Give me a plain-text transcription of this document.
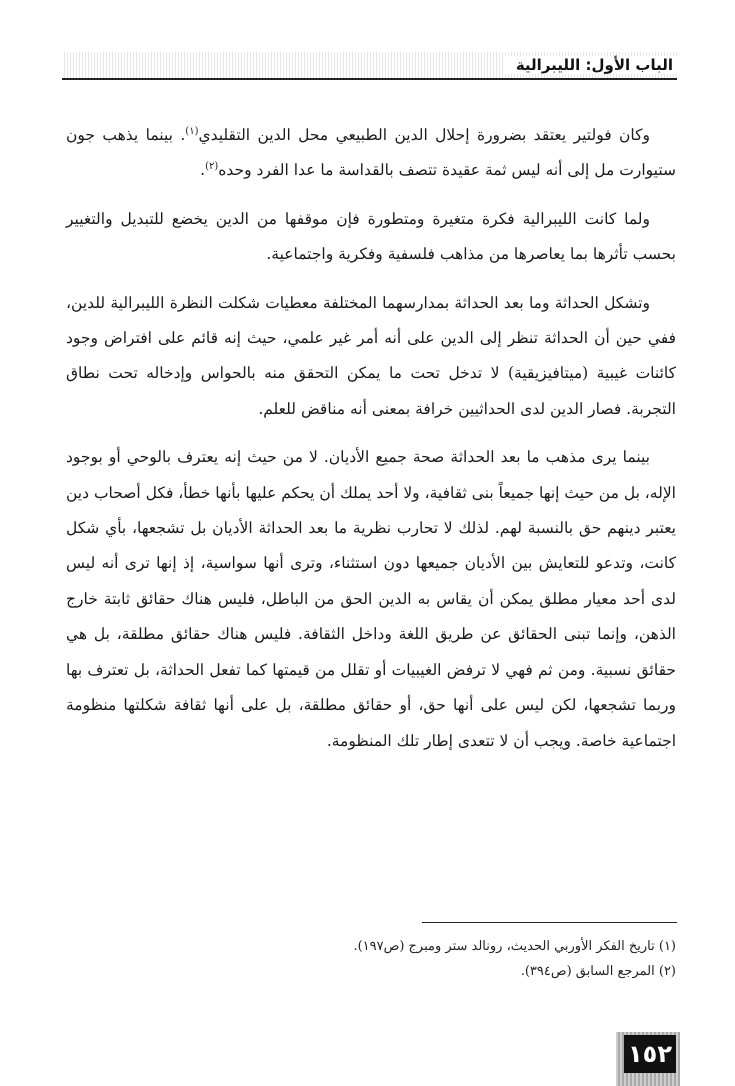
الباب الأول: الليبرالية

وكان فولتير يعتقد بضرورة إحلال الدين الطبيعي محل الدين التقليدي$^{(١)}$. بينما يذهب جون ستيوارت مل إلى أنه ليس ثمة عقيدة تتصف بالقداسة ما عدا الفرد وحده$^{(٢)}$.

ولما كانت الليبرالية فكرة متغيرة ومتطورة فإن موقفها من الدين يخضع للتبديل والتغيير بحسب تأثرها بما يعاصرها من مذاهب فلسفية وفكرية واجتماعية.

وتشكل الحداثة وما بعد الحداثة بمدارسهما المختلفة معطيات شكلت النظرة الليبرالية للدين، ففي حين أن الحداثة تنظر إلى الدين على أنه أمر غير علمي، حيث إنه قائم على افتراض وجود كائنات غيبية (ميتافيزيقية) لا تدخل تحت ما يمكن التحقق منه بالحواس وإدخاله تحت نطاق التجربة. فصار الدين لدى الحداثيين خرافة بمعنى أنه مناقض للعلم.

بينما يرى مذهب ما بعد الحداثة صحة جميع الأديان. لا من حيث إنه يعترف بالوحي أو بوجود الإله، بل من حيث إنها جميعاً بنى ثقافية، ولا أحد يملك أن يحكم عليها بأنها خطأ، فكل أصحاب دين يعتبر دينهم حق بالنسبة لهم. لذلك لا تحارب نظرية ما بعد الحداثة الأديان بل تشجعها، بأي شكل كانت، وتدعو للتعايش بين الأديان جميعها دون استثناء، وترى أنها سواسية، إذ إنها ترى أنه ليس لدى أحد معيار مطلق يمكن أن يقاس به الدين الحق من الباطل، فليس هناك حقائق ثابتة خارج الذهن، وإنما تبنى الحقائق عن طريق اللغة وداخل الثقافة. فليس هناك حقائق مطلقة، بل هي حقائق نسبية. ومن ثم فهي لا ترفض الغيبيات أو تقلل من قيمتها كما تفعل الحداثة، بل تعترف بها وربما تشجعها، لكن ليس على أنها حق، أو حقائق مطلقة، بل على أنها ثقافة شكلتها منظومة اجتماعية خاصة. ويجب أن لا تتعدى إطار تلك المنظومة.

(١) تاريخ الفكر الأوربي الحديث، رونالد ستر ومبرج (ص١٩٧).

(٢) المرجع السابق (ص٣٩٤).

١٥٢
